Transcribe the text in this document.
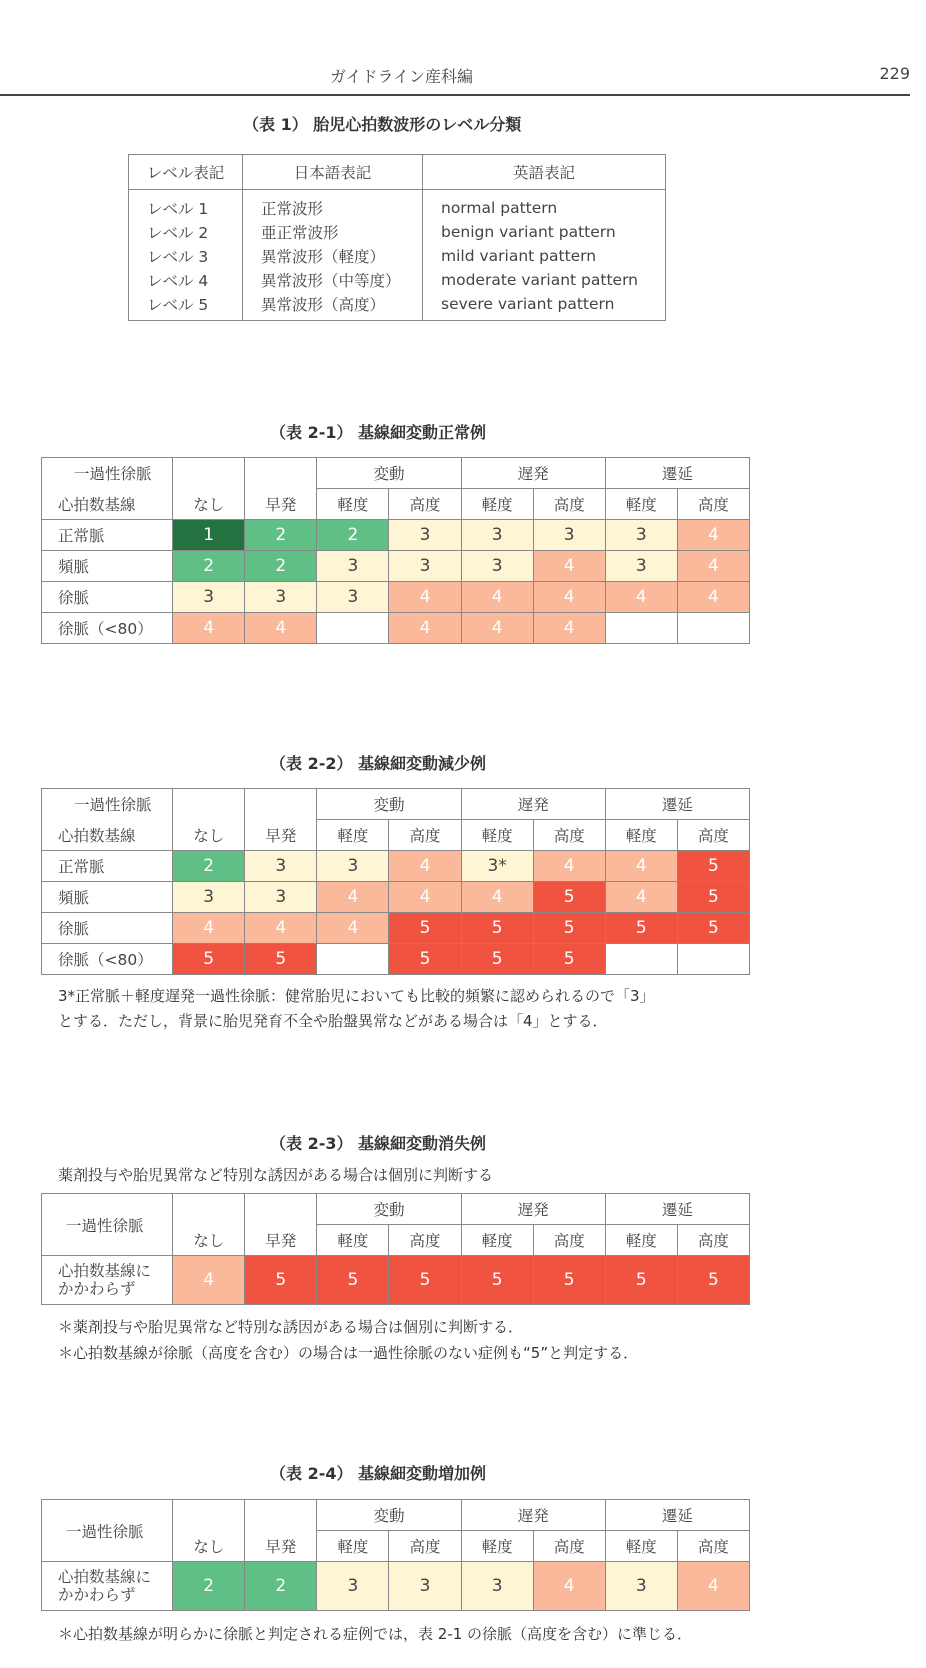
ガイドライン産科編	229
（表 1） 胎児心拍数波形のレベル分類
レベル表記	日本語表記	英語表記
レベル 1	正常波形	normal pattern
レベル 2	亜正常波形	benign variant pattern
レベル 3	異常波形（軽度）	mild variant pattern
レベル 4	異常波形（中等度）	moderate variant pattern
レベル 5	異常波形（高度）	severe variant pattern
（表 2-1） 基線細変動正常例
一過性徐脈			変動		遅発		遷延	
心拍数基線	なし	早発	軽度	高度	軽度	高度	軽度	高度
正常脈	1	2	2	3	3	3	3	4
頻脈	2	2	3	3	3	4	3	4
徐脈	3	3	3	4	4	4	4	4
徐脈（<80）	4	4		4	4	4		
（表 2-2） 基線細変動減少例
一過性徐脈			変動		遅発		遷延	
心拍数基線	なし	早発	軽度	高度	軽度	高度	軽度	高度
正常脈	2	3	3	4	3*	4	4	5
頻脈	3	3	4	4	4	5	4	5
徐脈	4	4	4	5	5	5	5	5
徐脈（<80）	5	5		5	5	5		
3*正常脈＋軽度遅発一過性徐脈：健常胎児においても比較的頻繁に認められるので「3」
とする．ただし，背景に胎児発育不全や胎盤異常などがある場合は「4」とする．
（表 2-3） 基線細変動消失例
薬剤投与や胎児異常など特別な誘因がある場合は個別に判断する
一過性徐脈			変動		遅発		遷延	
	なし	早発	軽度	高度	軽度	高度	軽度	高度

心拍数基線に
かかわらず	4	5	5	5	5	5	5	5
＊薬剤投与や胎児異常など特別な誘因がある場合は個別に判断する．
＊心拍数基線が徐脈（高度を含む）の場合は一過性徐脈のない症例も“5”と判定する．
（表 2-4） 基線細変動増加例
一過性徐脈			変動		遅発		遷延	
	なし	早発	軽度	高度	軽度	高度	軽度	高度

心拍数基線に
かかわらず	2	2	3	3	3	4	3	4
＊心拍数基線が明らかに徐脈と判定される症例では，表 2-1 の徐脈（高度を含む）に準じる．
